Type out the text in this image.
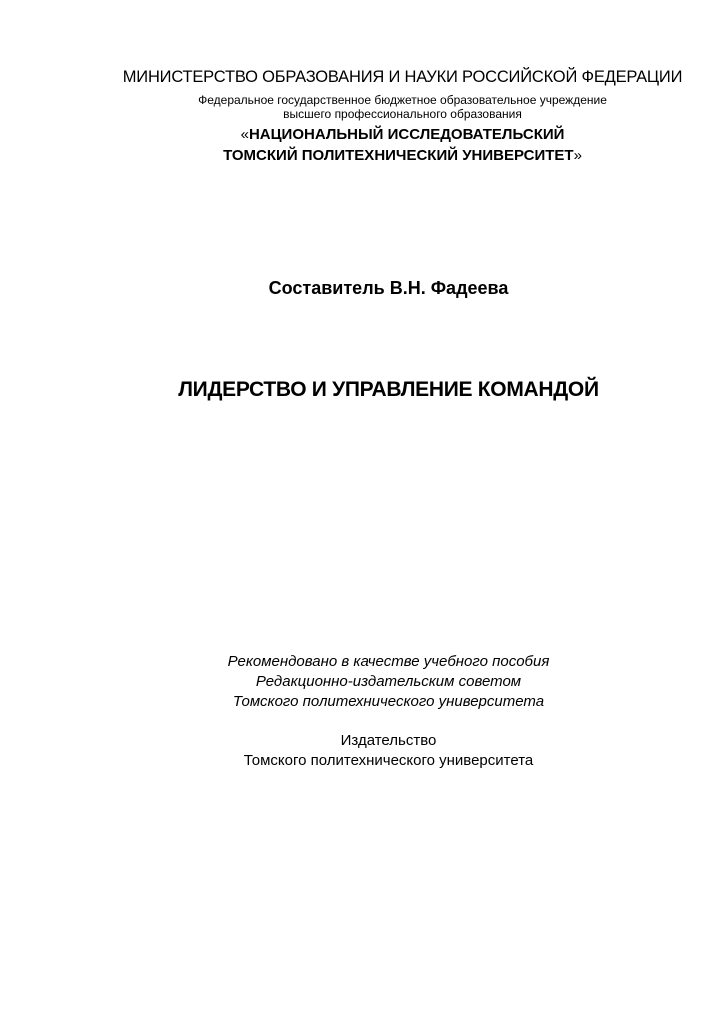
МИНИСТЕРСТВО ОБРАЗОВАНИЯ И НАУКИ РОССИЙСКОЙ ФЕДЕРАЦИИ
Федеральное государственное бюджетное образовательное учреждение
высшего профессионального образования
«НАЦИОНАЛЬНЫЙ ИССЛЕДОВАТЕЛЬСКИЙ
ТОМСКИЙ ПОЛИТЕХНИЧЕСКИЙ УНИВЕРСИТЕТ»
Составитель В.Н. Фадеева
ЛИДЕРСТВО И УПРАВЛЕНИЕ КОМАНДОЙ
Рекомендовано в качестве учебного пособия
Редакционно-издательским советом
Томского политехнического университета
Издательство
Томского политехнического университета
